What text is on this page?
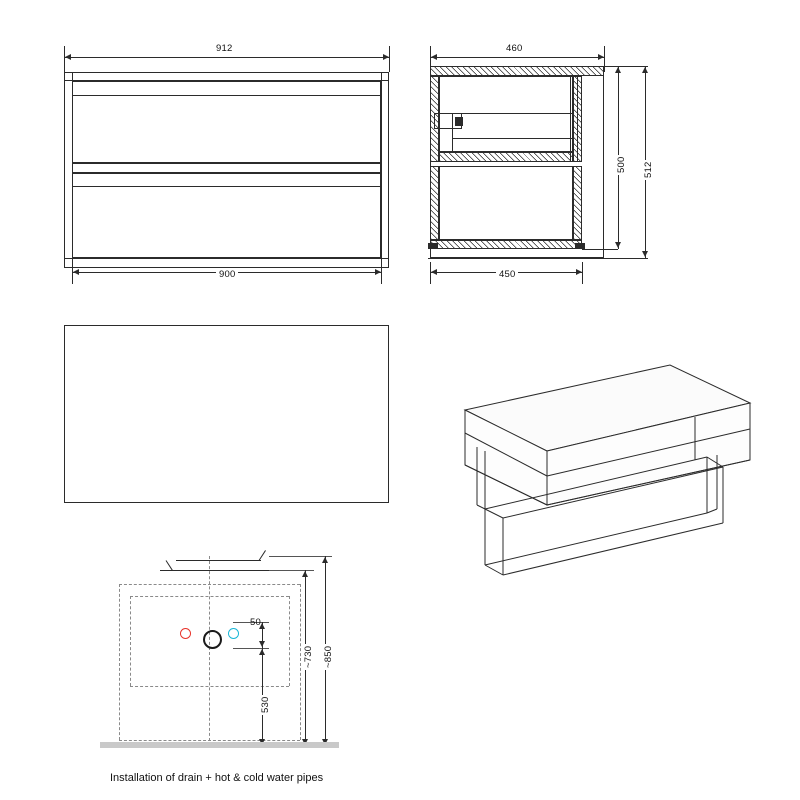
912
900
460
450
500 512
50
530
~730 ~850
Installation of drain + hot & cold water pipes
